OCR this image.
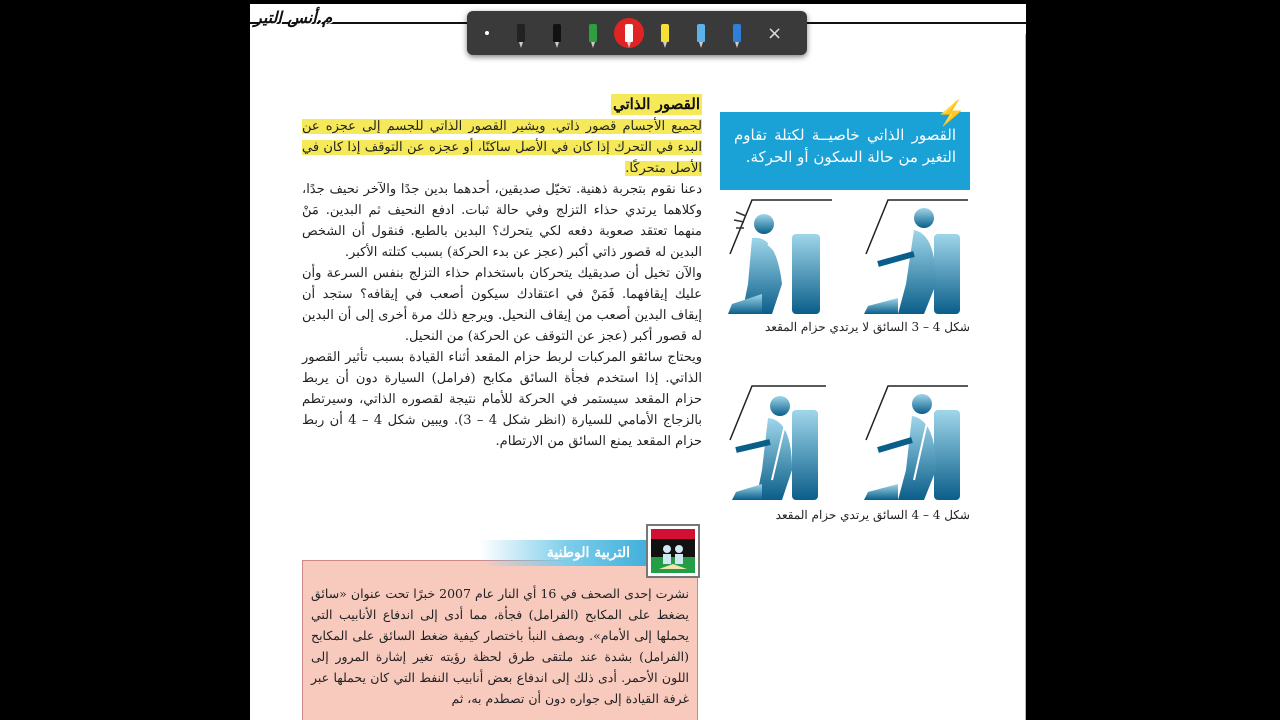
القصور الذاتي

لجميع الأجسام قصور ذاتي. ويشير القصور الذاتي للجسم إلى عجزه عن البدء في التحرك إذا كان في الأصل ساكنًا، أو عجزه عن التوقف إذا كان في الأصل متحركًا.

دعنا نقوم بتجربة ذهنية. تخيّل صديقين، أحدهما بدين جدًا والآخر نحيف جدًا، وكلاهما يرتدي حذاء التزلج وفي حالة ثبات. ادفع النحيف ثم البدين. مَنْ منهما تعتقد صعوبة دفعه لكي يتحرك؟ البدين بالطبع. فنقول أن الشخص البدين له قصور ذاتي أكبر (عجز عن بدء الحركة) بسبب كتلته الأكبر.

والآن تخيل أن صديقيك يتحركان باستخدام حذاء التزلج بنفس السرعة وأن عليك إيقافهما. فَمَنْ في اعتقادك سيكون أصعب في إيقافه؟ ستجد أن إيقاف البدين أصعب من إيقاف النحيل. ويرجع ذلك مرة أخرى إلى أن البدين له قصور أكبر (عجز عن التوقف عن الحركة) من النحيل.

ويحتاج سائقو المركبات لربط حزام المقعد أثناء القيادة بسبب تأثير القصور الذاتي. إذا استخدم فجأة السائق مكابح (فرامل) السيارة دون أن يربط حزام المقعد سيستمر في الحركة للأمام نتيجة لقصوره الذاتي، وسيرتطم بالزجاج الأمامي للسيارة (انظر شكل 4 – 3). ويبين شكل 4 – 4 أن ربط حزام المقعد يمنع السائق من الارتطام.

⚡
القصور الذاتي خاصيــة لكتلة تقاوم التغير من حالة السكون أو الحركة.
شكل 4 – 3 السائق لا يرتدي حزام المقعد
شكل 4 – 4 السائق يرتدي حزام المقعد
نشرت إحدى الصحف في 16 أي النار عام 2007 خبرًا تحت عنوان «سائق يضغط على المكابح (الفرامل) فجأة، مما أدى إلى اندفاع الأنابيب التي يحملها إلى الأمام». وبصف النبأ باختصار كيفية ضغط السائق على المكابح (الفرامل) بشدة عند ملتقى طرق لحظة رؤيته تغير إشارة المرور إلى اللون الأحمر. أدى ذلك إلى اندفاع بعض أنابيب النفط التي كان يحملها عبر غرفة القيادة إلى جواره دون أن تصطدم به، ثم
التربية الوطنية
م.أنس التير
×
